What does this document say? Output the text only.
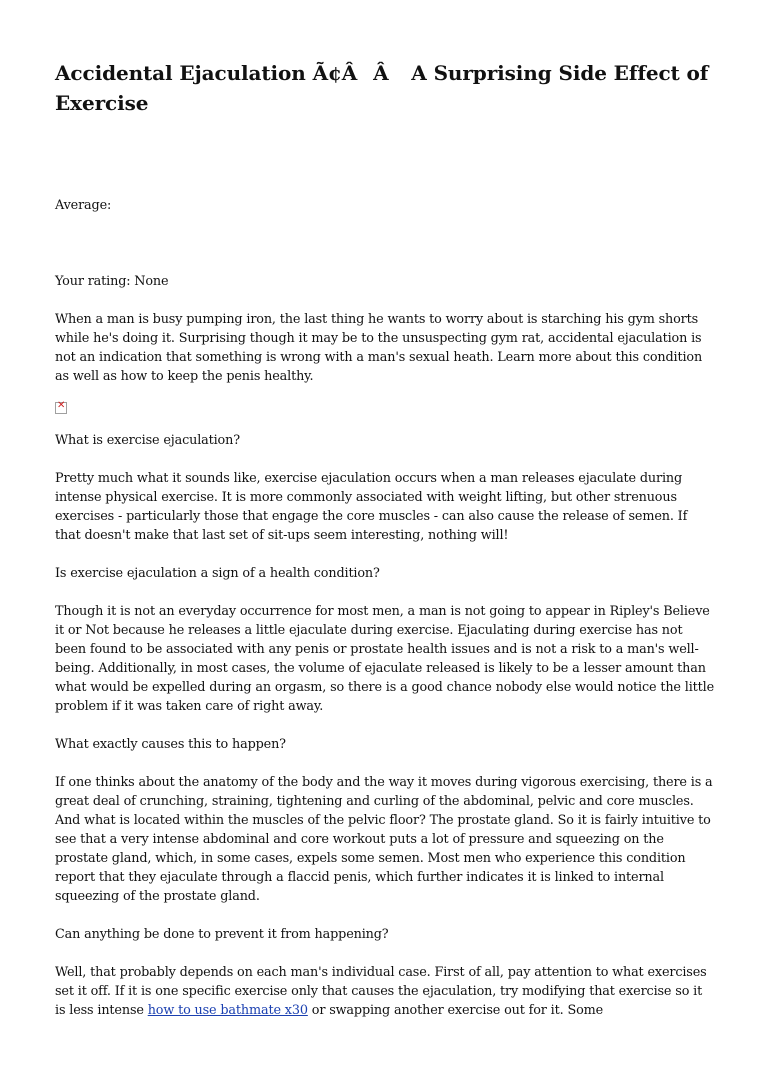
Accidental Ejaculation Ã¢ÂÂ A Surprising Side Effect of Exercise

Average:

Your rating: None

When a man is busy pumping iron, the last thing he wants to worry about is starching his gym shorts while he's doing it. Surprising though it may be to the unsuspecting gym rat, accidental ejaculation is not an indication that something is wrong with a man's sexual heath. Learn more about this condition as well as how to keep the penis healthy.

✕

What is exercise ejaculation?

Pretty much what it sounds like, exercise ejaculation occurs when a man releases ejaculate during intense physical exercise. It is more commonly associated with weight lifting, but other strenuous exercises - particularly those that engage the core muscles - can also cause the release of semen. If that doesn't make that last set of sit-ups seem interesting, nothing will!

Is exercise ejaculation a sign of a health condition?

Though it is not an everyday occurrence for most men, a man is not going to appear in Ripley's Believe it or Not because he releases a little ejaculate during exercise. Ejaculating during exercise has not been found to be associated with any penis or prostate health issues and is not a risk to a man's well-being. Additionally, in most cases, the volume of ejaculate released is likely to be a lesser amount than what would be expelled during an orgasm, so there is a good chance nobody else would notice the little problem if it was taken care of right away.

What exactly causes this to happen?

If one thinks about the anatomy of the body and the way it moves during vigorous exercising, there is a great deal of crunching, straining, tightening and curling of the abdominal, pelvic and core muscles. And what is located within the muscles of the pelvic floor? The prostate gland. So it is fairly intuitive to see that a very intense abdominal and core workout puts a lot of pressure and squeezing on the prostate gland, which, in some cases, expels some semen. Most men who experience this condition report that they ejaculate through a flaccid penis, which further indicates it is linked to internal squeezing of the prostate gland.

Can anything be done to prevent it from happening?

Well, that probably depends on each man's individual case. First of all, pay attention to what exercises set it off. If it is one specific exercise only that causes the ejaculation, try modifying that exercise so it is less intense how to use bathmate x30 or swapping another exercise out for it. Some
